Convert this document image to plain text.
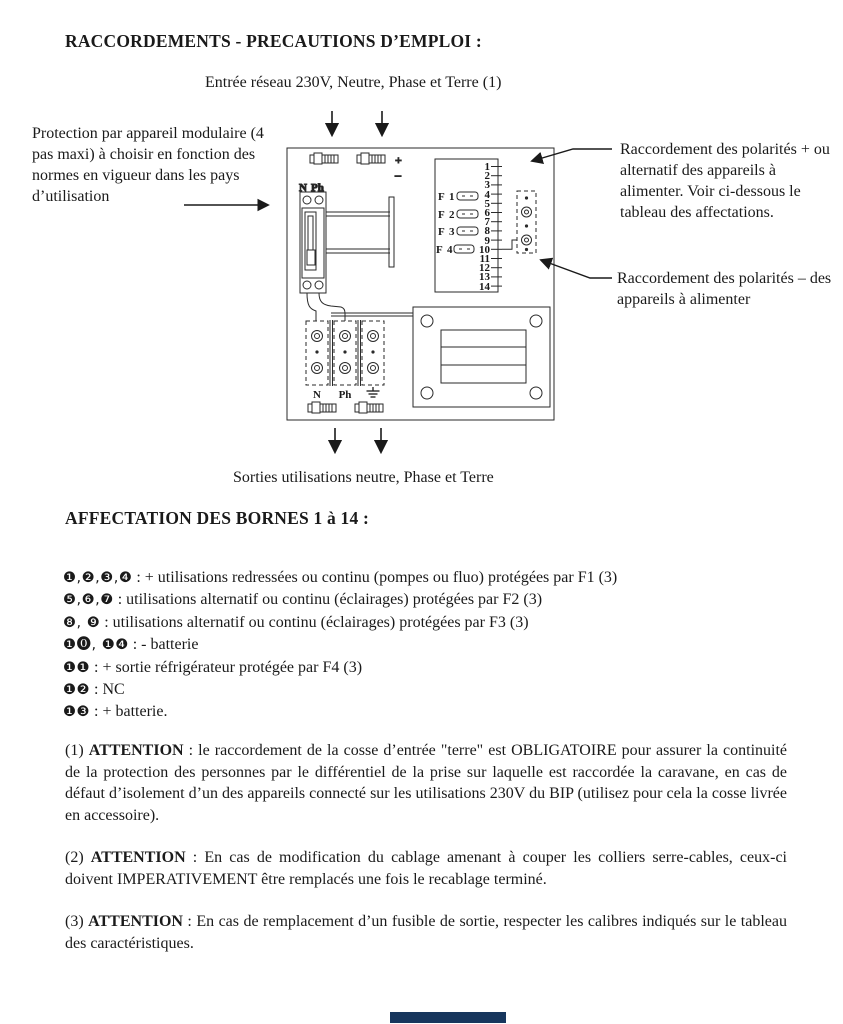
+
–
N Ph
1
2
3
4
5
6
7
8
9
10
11
12
13
14
F 1
F 2
F 3
F 4
N Ph
RACCORDEMENTS - PRECAUTIONS D’EMPLOI :
Entrée réseau 230V, Neutre, Phase et Terre (1)
Protection par appareil modulaire (4 pas maxi) à choisir en fonction des normes en vigueur dans les pays d’utilisation
Raccordement des polarités + ou alternatif des appareils à alimenter. Voir ci-dessous le tableau des affectations.
Raccordement des polarités – des appareils à alimenter
Sorties utilisations neutre, Phase et Terre
AFFECTATION DES BORNES 1 à 14 :
❶,❷,❸,❹ : + utilisations redressées ou continu (pompes ou fluo) protégées par F1 (3)
❺,❻,❼ : utilisations alternatif ou continu (éclairages) protégées par F2 (3)
❽, ❾ : utilisations alternatif ou continu (éclairages) protégées par F3 (3)
❶⓿, ❶❹ : - batterie
❶❶ : + sortie réfrigérateur protégée par F4 (3)
❶❷ : NC
❶❸ : + batterie.
(1) ATTENTION : le raccordement de la cosse d’entrée "terre" est OBLIGATOIRE pour assurer la continuité de la protection des personnes par le différentiel de la prise sur laquelle est raccordée la caravane, en cas de défaut d’isolement d’un des appareils connecté sur les utilisations 230V du BIP (utilisez pour cela la cosse livrée en accessoire).
(2) ATTENTION : En cas de modification du cablage amenant à couper les colliers serre-cables, ceux-ci doivent IMPERATIVEMENT être remplacés une fois le recablage terminé.
(3) ATTENTION : En cas de remplacement d’un fusible de sortie, respecter les calibres indiqués sur le tableau des caractéristiques.
